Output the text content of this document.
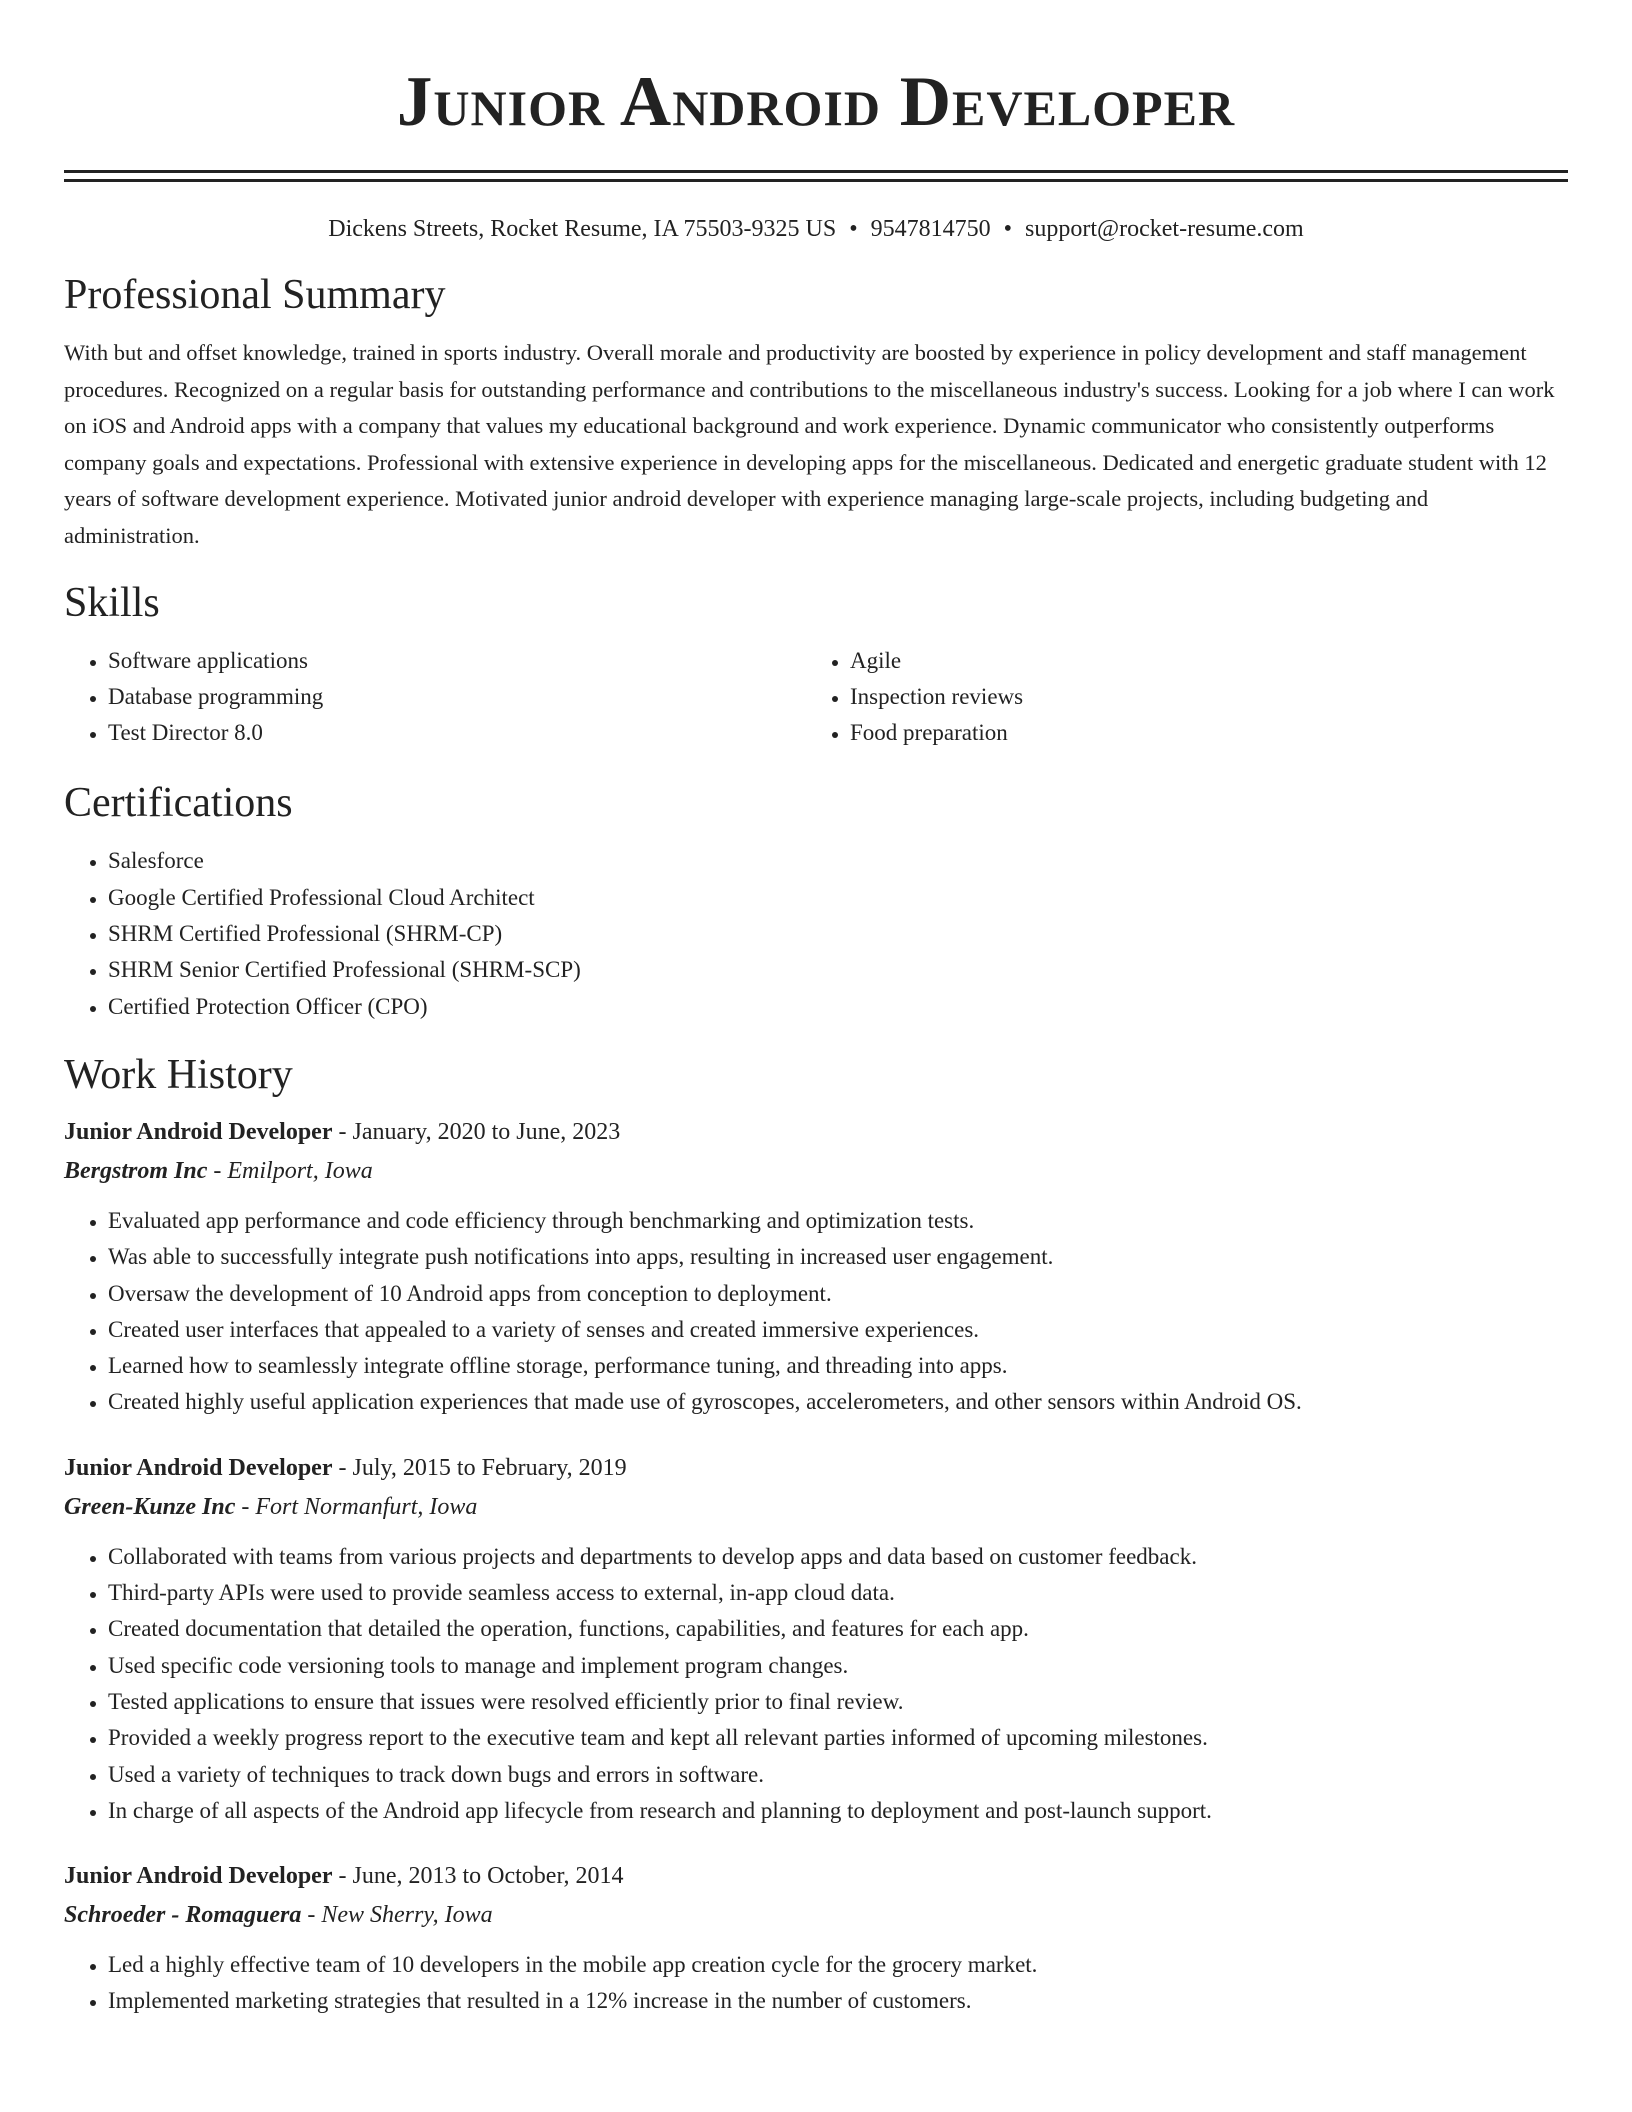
Junior Android Developer
Dickens Streets, Rocket Resume, IA 75503-9325 US • 9547814750 • support@rocket-resume.com
Professional Summary

With but and offset knowledge, trained in sports industry. Overall morale and productivity are boosted by experience in policy development and staff management procedures. Recognized on a regular basis for outstanding performance and contributions to the miscellaneous industry's success. Looking for a job where I can work on iOS and Android apps with a company that values my educational background and work experience. Dynamic communicator who consistently outperforms company goals and expectations. Professional with extensive experience in developing apps for the miscellaneous. Dedicated and energetic graduate student with 12 years of software development experience. Motivated junior android developer with experience managing large-scale projects, including budgeting and administration.

Skills
• Software applications
• Database programming
• Test Director 8.0
• Agile
• Inspection reviews
• Food preparation
Certifications
• Salesforce
• Google Certified Professional Cloud Architect
• SHRM Certified Professional (SHRM-CP)
• SHRM Senior Certified Professional (SHRM-SCP)
• Certified Protection Officer (CPO)
Work History
Junior Android Developer - January, 2020 to June, 2023
Bergstrom Inc - Emilport, Iowa
• Evaluated app performance and code efficiency through benchmarking and optimization tests.
• Was able to successfully integrate push notifications into apps, resulting in increased user engagement.
• Oversaw the development of 10 Android apps from conception to deployment.
• Created user interfaces that appealed to a variety of senses and created immersive experiences.
• Learned how to seamlessly integrate offline storage, performance tuning, and threading into apps.
• Created highly useful application experiences that made use of gyroscopes, accelerometers, and other sensors within Android OS.
Junior Android Developer - July, 2015 to February, 2019
Green-Kunze Inc - Fort Normanfurt, Iowa
• Collaborated with teams from various projects and departments to develop apps and data based on customer feedback.
• Third-party APIs were used to provide seamless access to external, in-app cloud data.
• Created documentation that detailed the operation, functions, capabilities, and features for each app.
• Used specific code versioning tools to manage and implement program changes.
• Tested applications to ensure that issues were resolved efficiently prior to final review.
• Provided a weekly progress report to the executive team and kept all relevant parties informed of upcoming milestones.
• Used a variety of techniques to track down bugs and errors in software.
• In charge of all aspects of the Android app lifecycle from research and planning to deployment and post-launch support.
Junior Android Developer - June, 2013 to October, 2014
Schroeder - Romaguera - New Sherry, Iowa
• Led a highly effective team of 10 developers in the mobile app creation cycle for the grocery market.
• Implemented marketing strategies that resulted in a 12% increase in the number of customers.
